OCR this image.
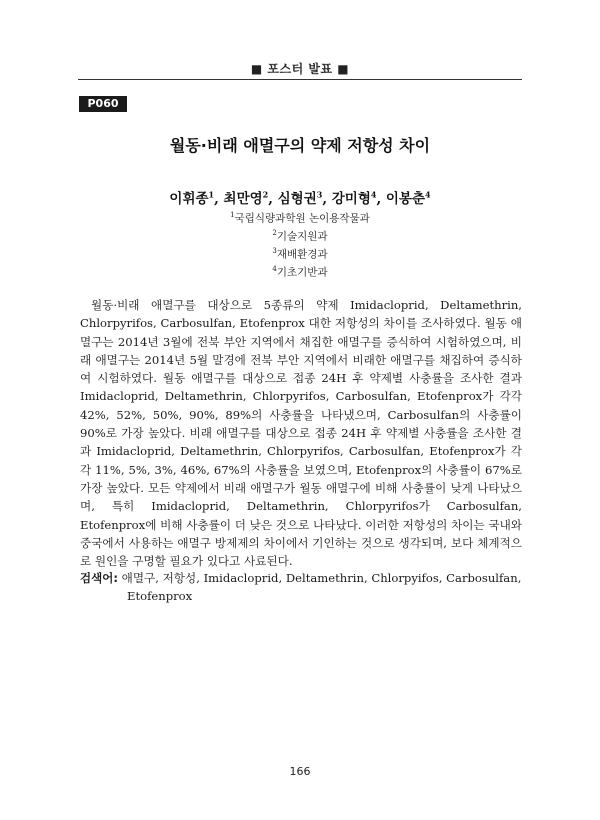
■ 포스터 발표 ■
P060
월동·비래 애멸구의 약제 저항성 차이
이휘종$^1$, 최만영$^2$, 심형권$^3$, 강미형$^4$, 이봉춘$^4$
$^1$국립식량과학원 논이용작물과
$^2$기술지원과
$^3$재배환경과
$^4$기초기반과

월동·비래 애멸구를 대상으로 5종류의 약제 Imidacloprid, Deltamethrin, Chlorpyrifos, Carbosulfan, Etofenprox 대한 저항성의 차이를 조사하였다. 월동 애멸구는 2014년 3월에 전북 부안 지역에서 채집한 애멸구를 증식하여 시험하였으며, 비래 애멸구는 2014년 5월 말경에 전북 부안 지역에서 비래한 애멸구를 채집하여 증식하여 시험하였다. 월동 애멸구를 대상으로 접종 24H 후 약제별 사충률을 조사한 결과 Imidacloprid, Deltamethrin, Chlorpyrifos, Carbosulfan, Etofenprox가 각각 42%, 52%, 50%, 90%, 89%의 사충률을 나타냈으며, Carbosulfan의 사충률이 90%로 가장 높았다. 비래 애멸구를 대상으로 접종 24H 후 약제별 사충률을 조사한 결과 Imidacloprid, Deltamethrin, Chlorpyrifos, Carbosulfan, Etofenprox가 각각 11%, 5%, 3%, 46%, 67%의 사충률을 보였으며, Etofenprox의 사충률이 67%로 가장 높았다. 모든 약제에서 비래 애멸구가 월동 애멸구에 비해 사충률이 낮게 나타났으며, 특히 Imidacloprid, Deltamethrin, Chlorpyrifos가 Carbosulfan, Etofenprox에 비해 사충률이 더 낮은 것으로 나타났다. 이러한 저항성의 차이는 국내와 중국에서 사용하는 애멸구 방제제의 차이에서 기인하는 것으로 생각되며, 보다 체계적으로 원인을 구명할 필요가 있다고 사료된다.

검색어: 애멸구, 저항성, Imidacloprid, Deltamethrin, Chlorpyifos, Carbosulfan, Etofenprox

166
